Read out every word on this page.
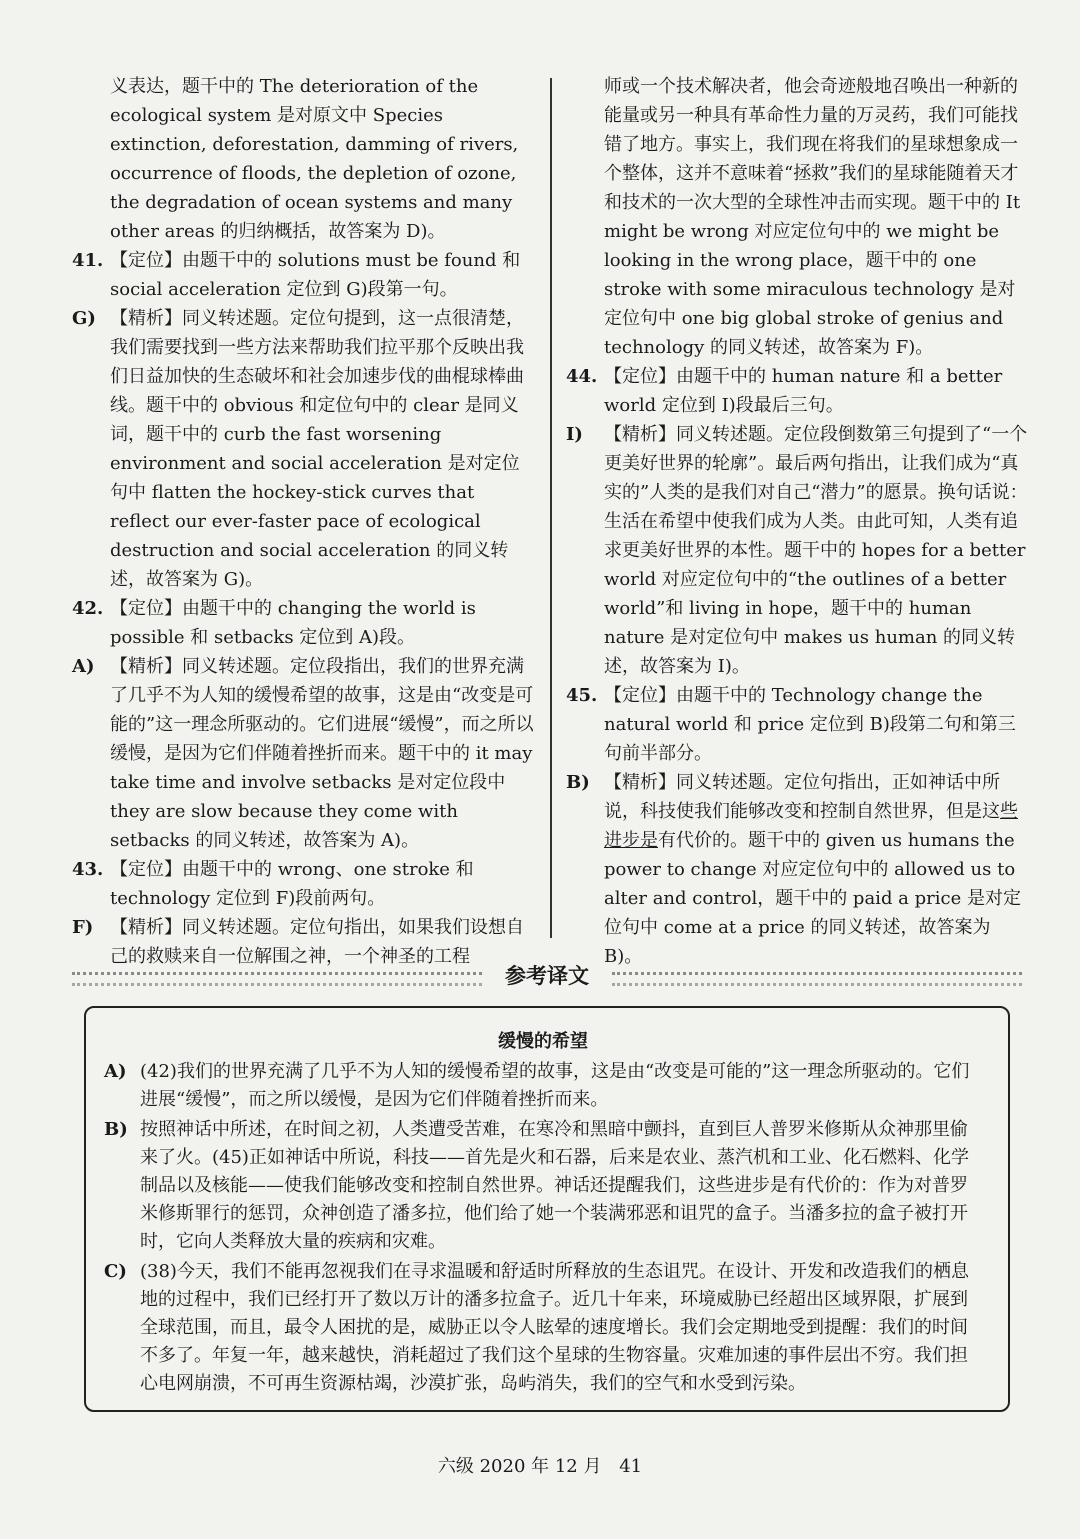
义表达，题干中的 The deterioration of the ecological system 是对原文中 Species extinction, deforestation, damming of rivers, occurrence of floods, the depletion of ozone, the degradation of ocean systems and many other areas 的归纳概括，故答案为 D)。

41. 【定位】由题干中的 solutions must be found 和 social acceleration 定位到 G)段第一句。

G) 【精析】同义转述题。定位句提到，这一点很清楚，我们需要找到一些方法来帮助我们拉平那个反映出我们日益加快的生态破坏和社会加速步伐的曲棍球棒曲线。题干中的 obvious 和定位句中的 clear 是同义词，题干中的 curb the fast worsening environment and social acceleration 是对定位句中 flatten the hockey-stick curves that reflect our ever-faster pace of ecological destruction and social acceleration 的同义转述，故答案为 G)。

42. 【定位】由题干中的 changing the world is possible 和 setbacks 定位到 A)段。

A) 【精析】同义转述题。定位段指出，我们的世界充满了几乎不为人知的缓慢希望的故事，这是由“改变是可能的”这一理念所驱动的。它们进展“缓慢”，而之所以缓慢，是因为它们伴随着挫折而来。题干中的 it may take time and involve setbacks 是对定位段中 they are slow because they come with setbacks 的同义转述，故答案为 A)。

43. 【定位】由题干中的 wrong、one stroke 和 technology 定位到 F)段前两句。

F) 【精析】同义转述题。定位句指出，如果我们设想自己的救赎来自一位解围之神，一个神圣的工程

师或一个技术解决者，他会奇迹般地召唤出一种新的能量或另一种具有革命性力量的万灵药，我们可能找错了地方。事实上，我们现在将我们的星球想象成一个整体，这并不意味着“拯救”我们的星球能随着天才和技术的一次大型的全球性冲击而实现。题干中的 It might be wrong 对应定位句中的 we might be looking in the wrong place，题干中的 one stroke with some miraculous technology 是对定位句中 one big global stroke of genius and technology 的同义转述，故答案为 F)。

44. 【定位】由题干中的 human nature 和 a better world 定位到 I)段最后三句。

I) 【精析】同义转述题。定位段倒数第三句提到了“一个更美好世界的轮廓”。最后两句指出，让我们成为“真实的”人类的是我们对自己“潜力”的愿景。换句话说：生活在希望中使我们成为人类。由此可知，人类有追求更美好世界的本性。题干中的 hopes for a better world 对应定位句中的“the outlines of a better world”和 living in hope，题干中的 human nature 是对定位句中 makes us human 的同义转述，故答案为 I)。

45. 【定位】由题干中的 Technology change the natural world 和 price 定位到 B)段第二句和第三句前半部分。

B) 【精析】同义转述题。定位句指出，正如神话中所说，科技使我们能够改变和控制自然世界，但是这些进步是有代价的。题干中的 given us humans the power to change 对应定位句中的 allowed us to alter and control，题干中的 paid a price 是对定位句中 come at a price 的同义转述，故答案为 B)。

参考译文
缓慢的希望

A) (42)我们的世界充满了几乎不为人知的缓慢希望的故事，这是由“改变是可能的”这一理念所驱动的。它们进展“缓慢”，而之所以缓慢，是因为它们伴随着挫折而来。

B) 按照神话中所述，在时间之初，人类遭受苦难，在寒冷和黑暗中颤抖，直到巨人普罗米修斯从众神那里偷来了火。(45)正如神话中所说，科技——首先是火和石器，后来是农业、蒸汽机和工业、化石燃料、化学制品以及核能——使我们能够改变和控制自然世界。神话还提醒我们，这些进步是有代价的：作为对普罗米修斯罪行的惩罚，众神创造了潘多拉，他们给了她一个装满邪恶和诅咒的盒子。当潘多拉的盒子被打开时，它向人类释放大量的疾病和灾难。

C) (38)今天，我们不能再忽视我们在寻求温暖和舒适时所释放的生态诅咒。在设计、开发和改造我们的栖息地的过程中，我们已经打开了数以万计的潘多拉盒子。近几十年来，环境威胁已经超出区域界限，扩展到全球范围，而且，最令人困扰的是，威胁正以令人眩晕的速度增长。我们会定期地受到提醒：我们的时间不多了。年复一年，越来越快，消耗超过了我们这个星球的生物容量。灾难加速的事件层出不穷。我们担心电网崩溃，不可再生资源枯竭，沙漠扩张，岛屿消失，我们的空气和水受到污染。

六级 2020 年 12 月 41
